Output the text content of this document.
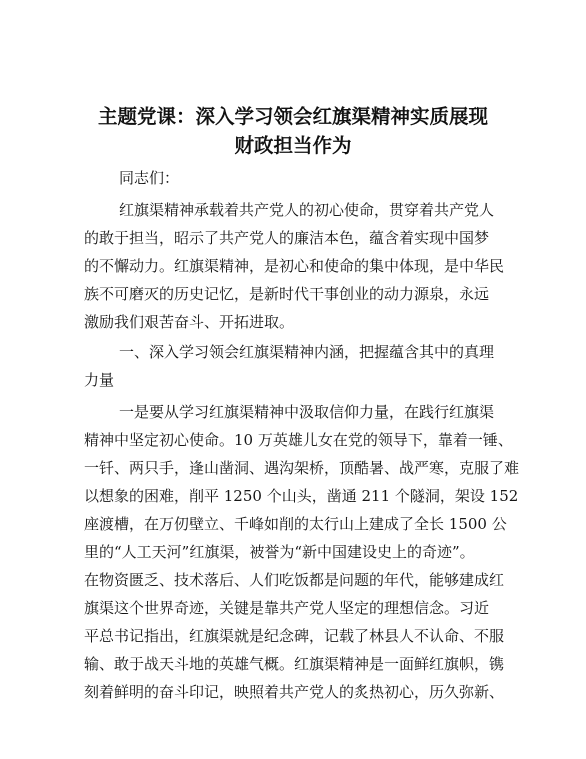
主题党课：深入学习领会红旗渠精神实质展现
财政担当作为
同志们：
红旗渠精神承载着共产党人的初心使命，贯穿着共产党人
的敢于担当，昭示了共产党人的廉洁本色，蕴含着实现中国梦
的不懈动力。红旗渠精神，是初心和使命的集中体现，是中华民
族不可磨灭的历史记忆，是新时代干事创业的动力源泉，永远
激励我们艰苦奋斗、开拓进取。
一、深入学习领会红旗渠精神内涵，把握蕴含其中的真理
力量
一是要从学习红旗渠精神中汲取信仰力量，在践行红旗渠
精神中坚定初心使命。10 万英雄儿女在党的领导下，靠着一锤、
一钎、两只手，逢山凿洞、遇沟架桥，顶酷暑、战严寒，克服了难
以想象的困难，削平 1250 个山头，凿通 211 个隧洞，架设 152
座渡槽，在万仞壁立、千峰如削的太行山上建成了全长 1500 公
里的“人工天河”红旗渠，被誉为“新中国建设史上的奇迹”。
在物资匮乏、技术落后、人们吃饭都是问题的年代，能够建成红
旗渠这个世界奇迹，关键是靠共产党人坚定的理想信念。习近
平总书记指出，红旗渠就是纪念碑，记载了林县人不认命、不服
输、敢于战天斗地的英雄气概。红旗渠精神是一面鲜红旗帜，镌
刻着鲜明的奋斗印记，映照着共产党人的炙热初心，历久弥新、
